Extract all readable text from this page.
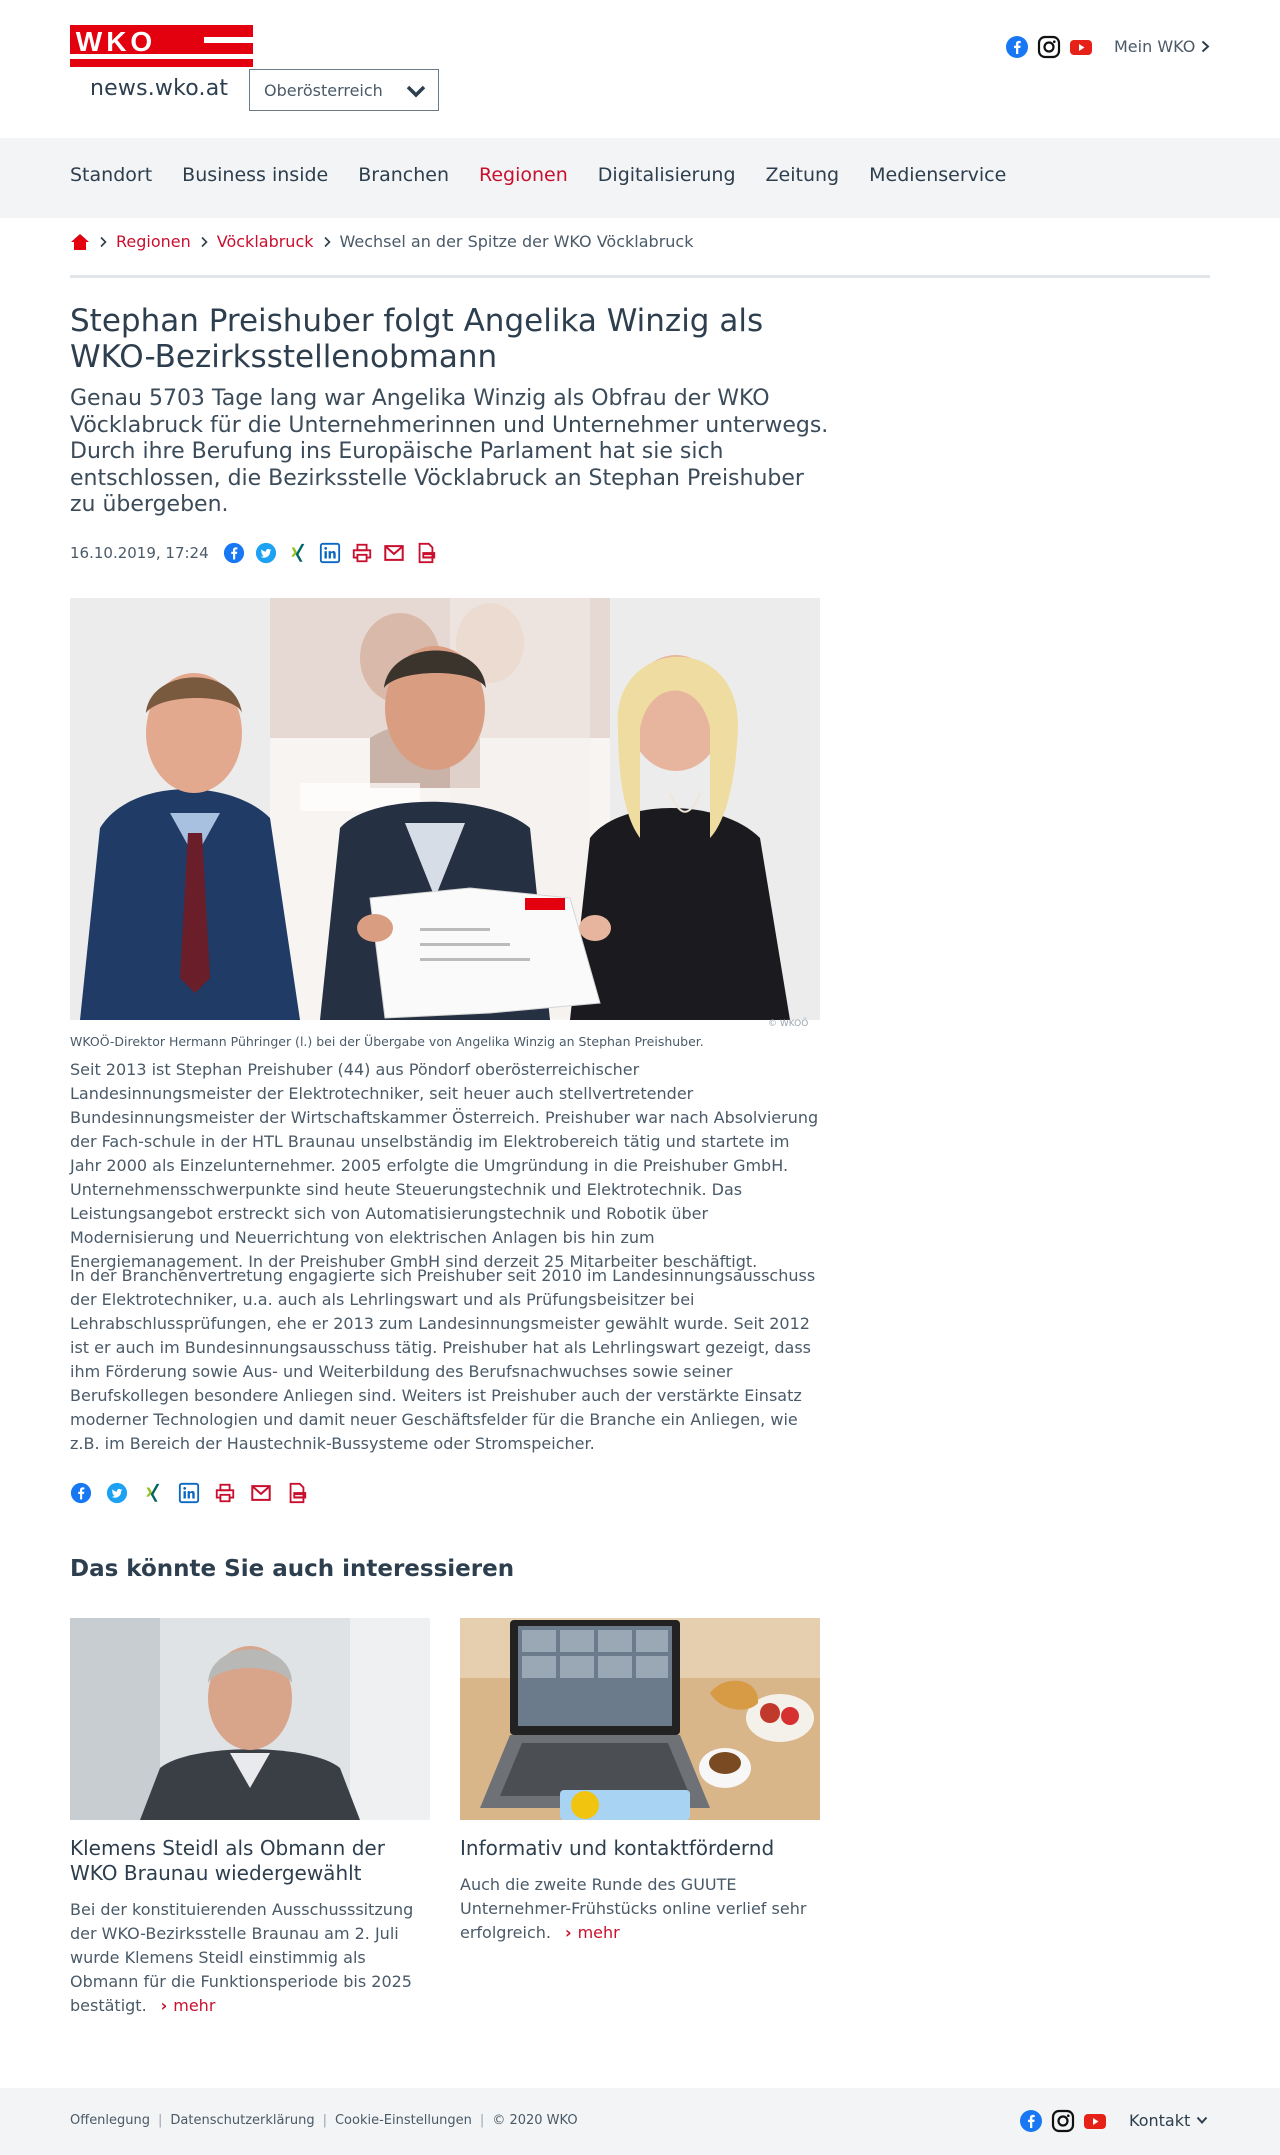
WKO
news.wko.at Oberösterreich
Mein WKO
Standort Business inside Branchen Regionen Digitalisierung Zeitung Medienservice
Regionen Vöcklabruck Wechsel an der Spitze der WKO Vöcklabruck
Stephan Preishuber folgt Angelika Winzig als WKO-Bezirksstellenobmann

Genau 5703 Tage lang war Angelika Winzig als Obfrau der WKO Vöcklabruck für die Unternehmerinnen und Unternehmer unterwegs. Durch ihre Berufung ins Europäische Parlament hat sie sich entschlossen, die Bezirksstelle Vöcklabruck an Stephan Preishuber zu übergeben.

16.10.2019, 17:24
© WKOÖ
WKOÖ-Direktor Hermann Pühringer (l.) bei der Übergabe von Angelika Winzig an Stephan Preishuber.

Seit 2013 ist Stephan Preishuber (44) aus Pöndorf oberösterreichischer Landesinnungsmeister der Elektrotechniker, seit heuer auch stellvertretender Bundesinnungsmeister der Wirtschaftskammer Österreich. Preishuber war nach Absolvierung der Fach-schule in der HTL Braunau unselbständig im Elektrobereich tätig und startete im Jahr 2000 als Einzelunternehmer. 2005 erfolgte die Umgründung in die Preishuber GmbH. Unternehmensschwerpunkte sind heute Steuerungstechnik und Elektrotechnik. Das Leistungsangebot erstreckt sich von Automatisierungstechnik und Robotik über Modernisierung und Neuerrichtung von elektrischen Anlagen bis hin zum Energiemanagement. In der Preishuber GmbH sind derzeit 25 Mitarbeiter beschäftigt.

In der Branchenvertretung engagierte sich Preishuber seit 2010 im Landesinnungsausschuss der Elektrotechniker, u.a. auch als Lehrlingswart und als Prüfungsbeisitzer bei Lehrabschlussprüfungen, ehe er 2013 zum Landesinnungsmeister gewählt wurde. Seit 2012 ist er auch im Bundesinnungsausschuss tätig. Preishuber hat als Lehrlingswart gezeigt, dass ihm Förderung sowie Aus- und Weiterbildung des Berufsnachwuchses sowie seiner Berufskollegen besondere Anliegen sind. Weiters ist Preishuber auch der verstärkte Einsatz moderner Technologien und damit neuer Geschäftsfelder für die Branche ein Anliegen, wie z.B. im Bereich der Haustechnik-Bussysteme oder Stromspeicher.

Das könnte Sie auch interessieren
Klemens Steidl als Obmann der WKO Braunau wiedergewählt

Bei der konstituierenden Ausschusssitzung der WKO-Bezirksstelle Braunau am 2. Juli wurde Klemens Steidl einstimmig als Obmann für die Funktionsperiode bis 2025 bestätigt. › mehr

Informativ und kontaktfördernd

Auch die zweite Runde des GUUTE Unternehmer-Frühstücks online verlief sehr erfolgreich. › mehr

Offenlegung | Datenschutzerklärung | Cookie-Einstellungen | © 2020 WKO	Kontakt
